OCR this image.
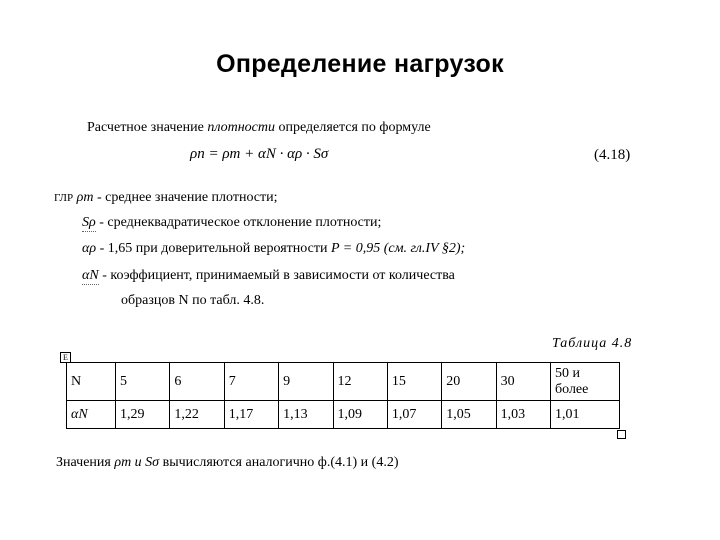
Определение нагрузок
Расчетное значение плотности определяется по формуле
ρn = ρm + αN · αρ · Sσ	(4.18)
ГЛР ρm - среднее значение плотности;
Sρ - среднеквадратическое отклонение плотности;
αρ - 1,65 при доверительной вероятности P = 0,95 (см. гл.IV §2);
αN - коэффициент, принимаемый в зависимости от количества
образцов N по табл. 4.8.
Таблица 4.8
E
N	5	6	7	9	12	15	20	30	50 и более
αN	1,29	1,22	1,17	1,13	1,09	1,07	1,05	1,03	1,01
Значения ρm и Sσ вычисляются аналогично ф.(4.1) и (4.2)
